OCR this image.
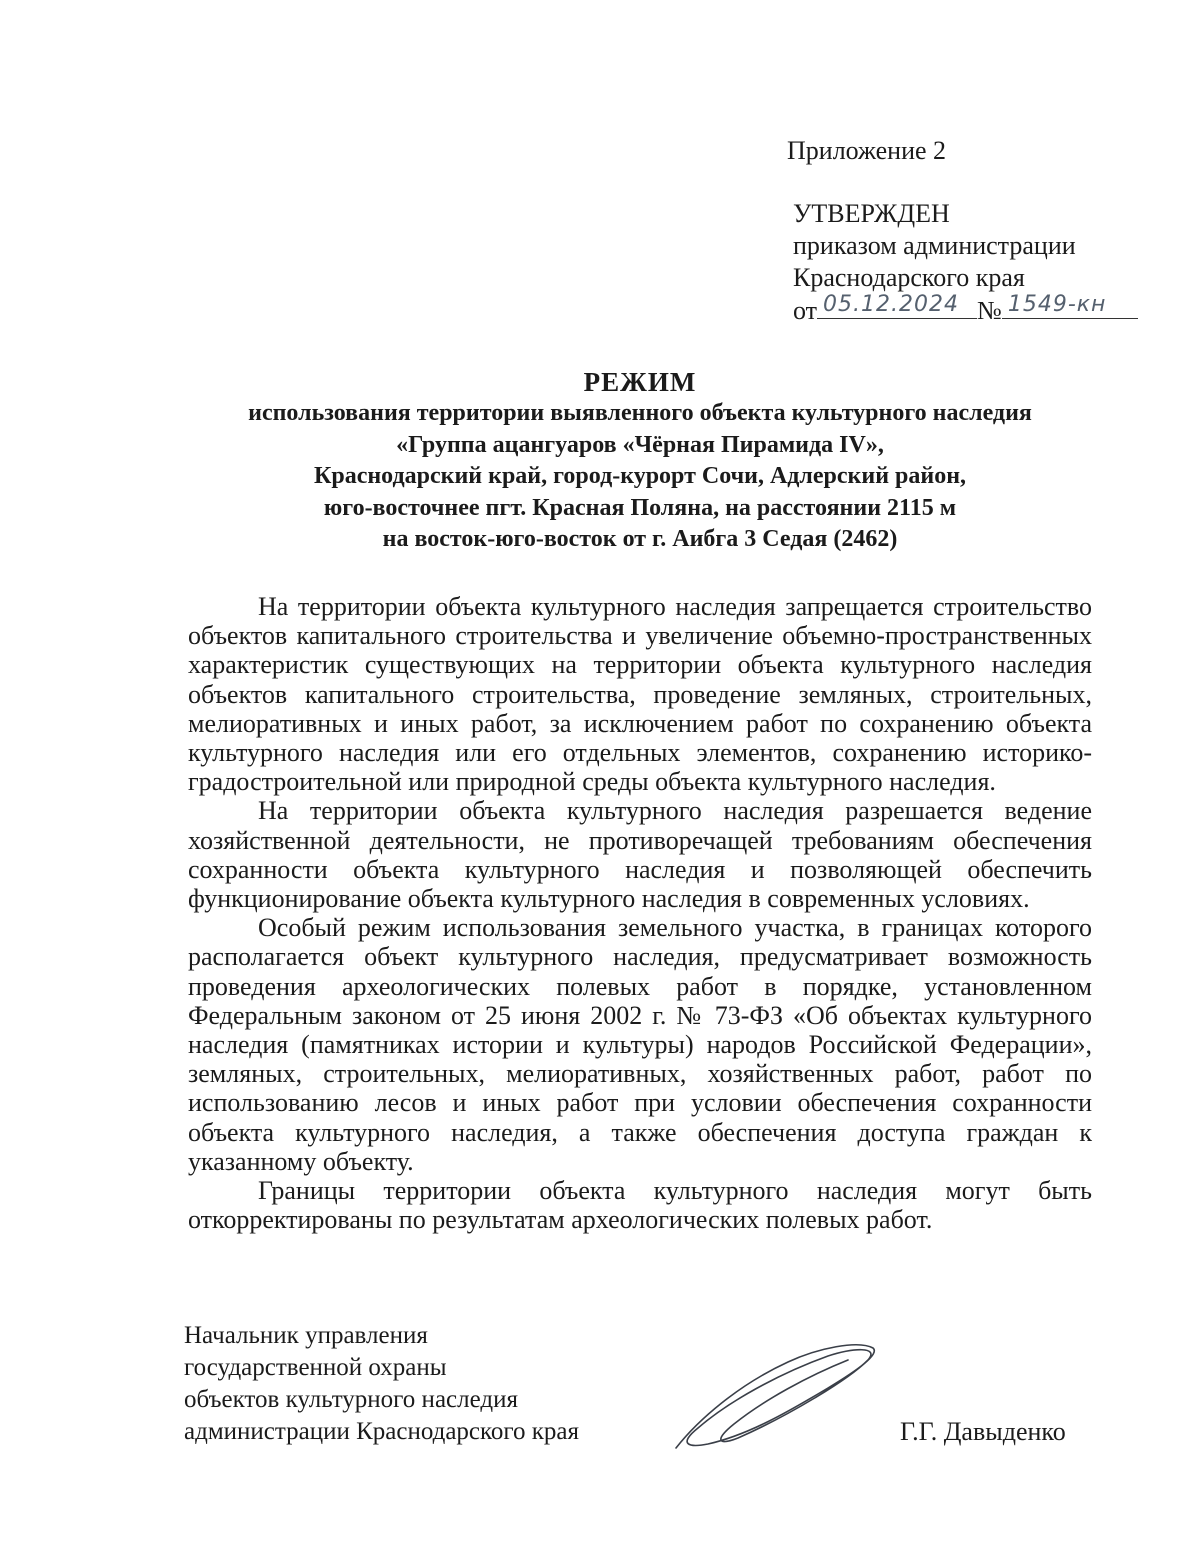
Приложение 2
УТВЕРЖДЕН
приказом администрации
Краснодарского края
от 05.12.2024 № 1549-кн
РЕЖИМ
использования территории выявленного объекта культурного наследия
«Группа ацангуаров «Чёрная Пирамида IV»,
Краснодарский край, город-курорт Сочи, Адлерский район,
юго-восточнее пгт. Красная Поляна, на расстоянии 2115 м
на восток-юго-восток от г. Аибга 3 Седая (2462)

На территории объекта культурного наследия запрещается строительство объектов капитального строительства и увеличение объемно-пространственных характеристик существующих на территории объекта культурного наследия объектов капитального строительства, проведение земляных, строительных, мелиоративных и иных работ, за исключением работ по сохранению объекта культурного наследия или его отдельных элементов, сохранению историко-градостроительной или природной среды объекта культурного наследия.

На территории объекта культурного наследия разрешается ведение хозяйственной деятельности, не противоречащей требованиям обеспечения сохранности объекта культурного наследия и позволяющей обеспечить функционирование объекта культурного наследия в современных условиях.

Особый режим использования земельного участка, в границах которого располагается объект культурного наследия, предусматривает возможность проведения археологических полевых работ в порядке, установленном Федеральным законом от 25 июня 2002 г. № 73-ФЗ «Об объектах культурного наследия (памятниках истории и культуры) народов Российской Федерации», земляных, строительных, мелиоративных, хозяйственных работ, работ по использованию лесов и иных работ при условии обеспечения сохранности объекта культурного наследия, а также обеспечения доступа граждан к указанному объекту.

Границы территории объекта культурного наследия могут быть откорректированы по результатам археологических полевых работ.

Начальник управления
государственной охраны
объектов культурного наследия
администрации Краснодарского края	Г.Г. Давыденко
